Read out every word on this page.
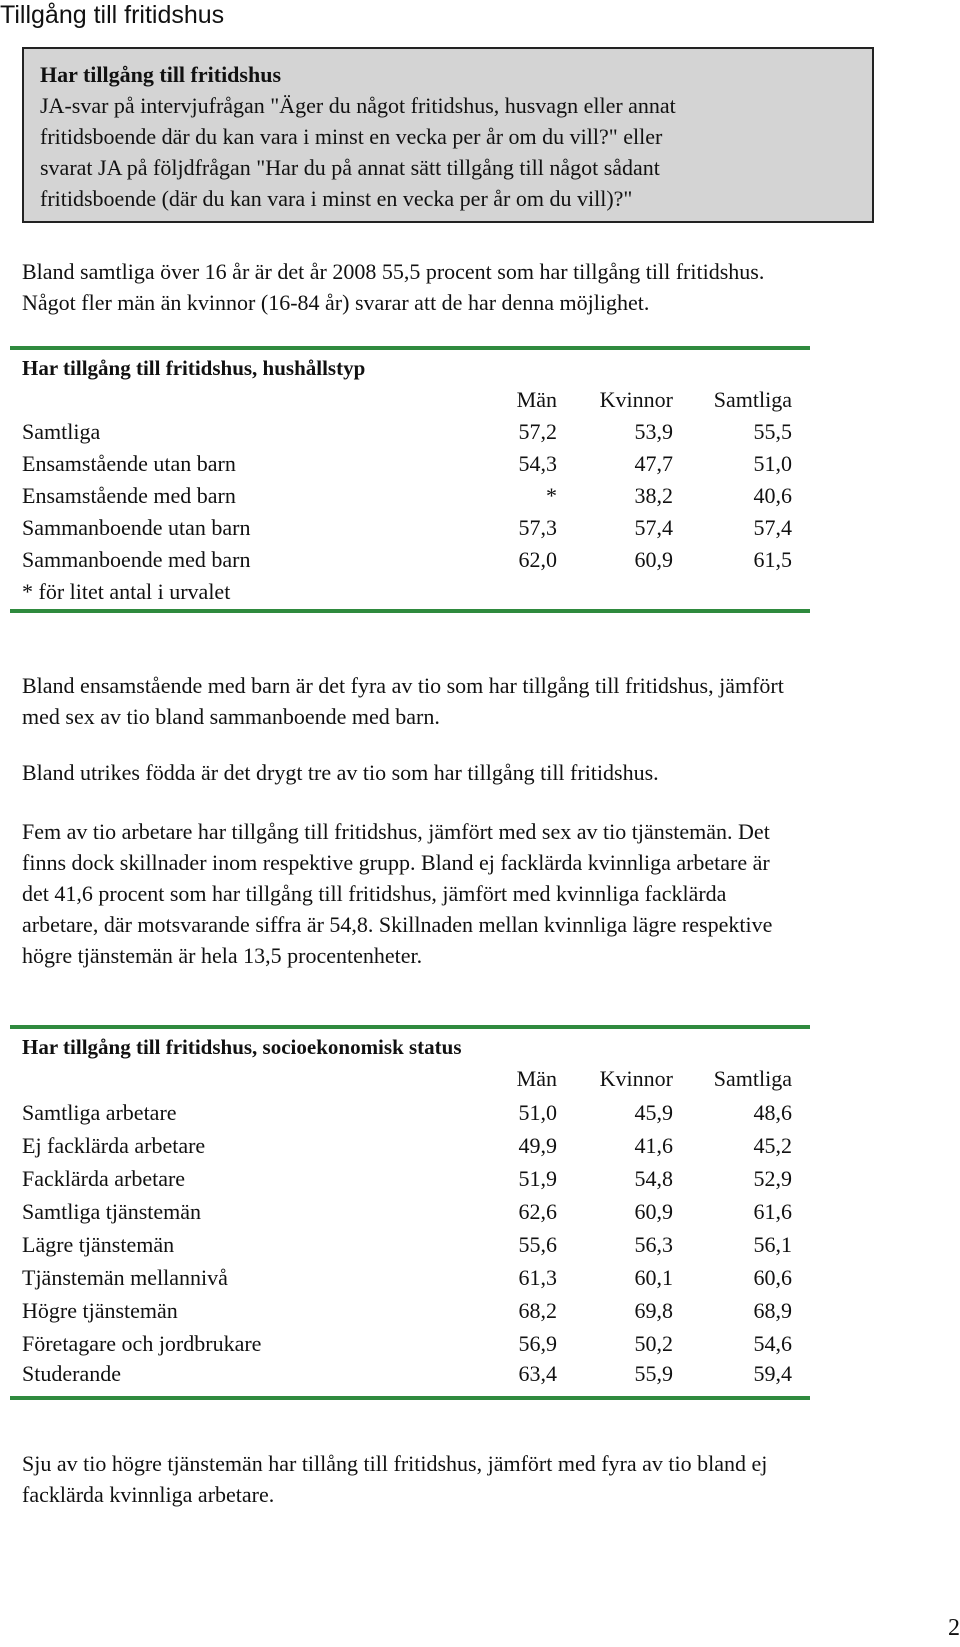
Tillgång till fritidshus
Har tillgång till fritidshus
JA-svar på intervjufrågan "Äger du något fritidshus, husvagn eller annat
fritidsboende där du kan vara i minst en vecka per år om du vill?" eller
svarat JA på följdfrågan "Har du på annat sätt tillgång till något sådant
fritidsboende (där du kan vara i minst en vecka per år om du vill)?"
Bland samtliga över 16 år är det år 2008 55,5 procent som har tillgång till fritidshus.
Något fler män än kvinnor (16-84 år) svarar att de har denna möjlighet.
Har tillgång till fritidshus, hushållstyp
Män Kvinnor Samtliga
Samtliga	57,2	53,9	55,5
Ensamstående utan barn	54,3	47,7	51,0
Ensamstående med barn	*	38,2	40,6
Sammanboende utan barn	57,3	57,4	57,4
Sammanboende med barn	62,0	60,9	61,5
* för litet antal i urvalet
Bland ensamstående med barn är det fyra av tio som har tillgång till fritidshus, jämfört
med sex av tio bland sammanboende med barn.
Bland utrikes födda är det drygt tre av tio som har tillgång till fritidshus.
Fem av tio arbetare har tillgång till fritidshus, jämfört med sex av tio tjänstemän. Det
finns dock skillnader inom respektive grupp. Bland ej facklärda kvinnliga arbetare är
det 41,6 procent som har tillgång till fritidshus, jämfört med kvinnliga facklärda
arbetare, där motsvarande siffra är 54,8. Skillnaden mellan kvinnliga lägre respektive
högre tjänstemän är hela 13,5 procentenheter.
Har tillgång till fritidshus, socioekonomisk status
Män Kvinnor Samtliga
Samtliga arbetare	51,0	45,9	48,6
Ej facklärda arbetare	49,9	41,6	45,2
Facklärda arbetare	51,9	54,8	52,9
Samtliga tjänstemän	62,6	60,9	61,6
Lägre tjänstemän	55,6	56,3	56,1
Tjänstemän mellannivå	61,3	60,1	60,6
Högre tjänstemän	68,2	69,8	68,9
Företagare och jordbrukare	56,9	50,2	54,6
Studerande	63,4	55,9	59,4
Sju av tio högre tjänstemän har tillång till fritidshus, jämfört med fyra av tio bland ej
facklärda kvinnliga arbetare.
2
